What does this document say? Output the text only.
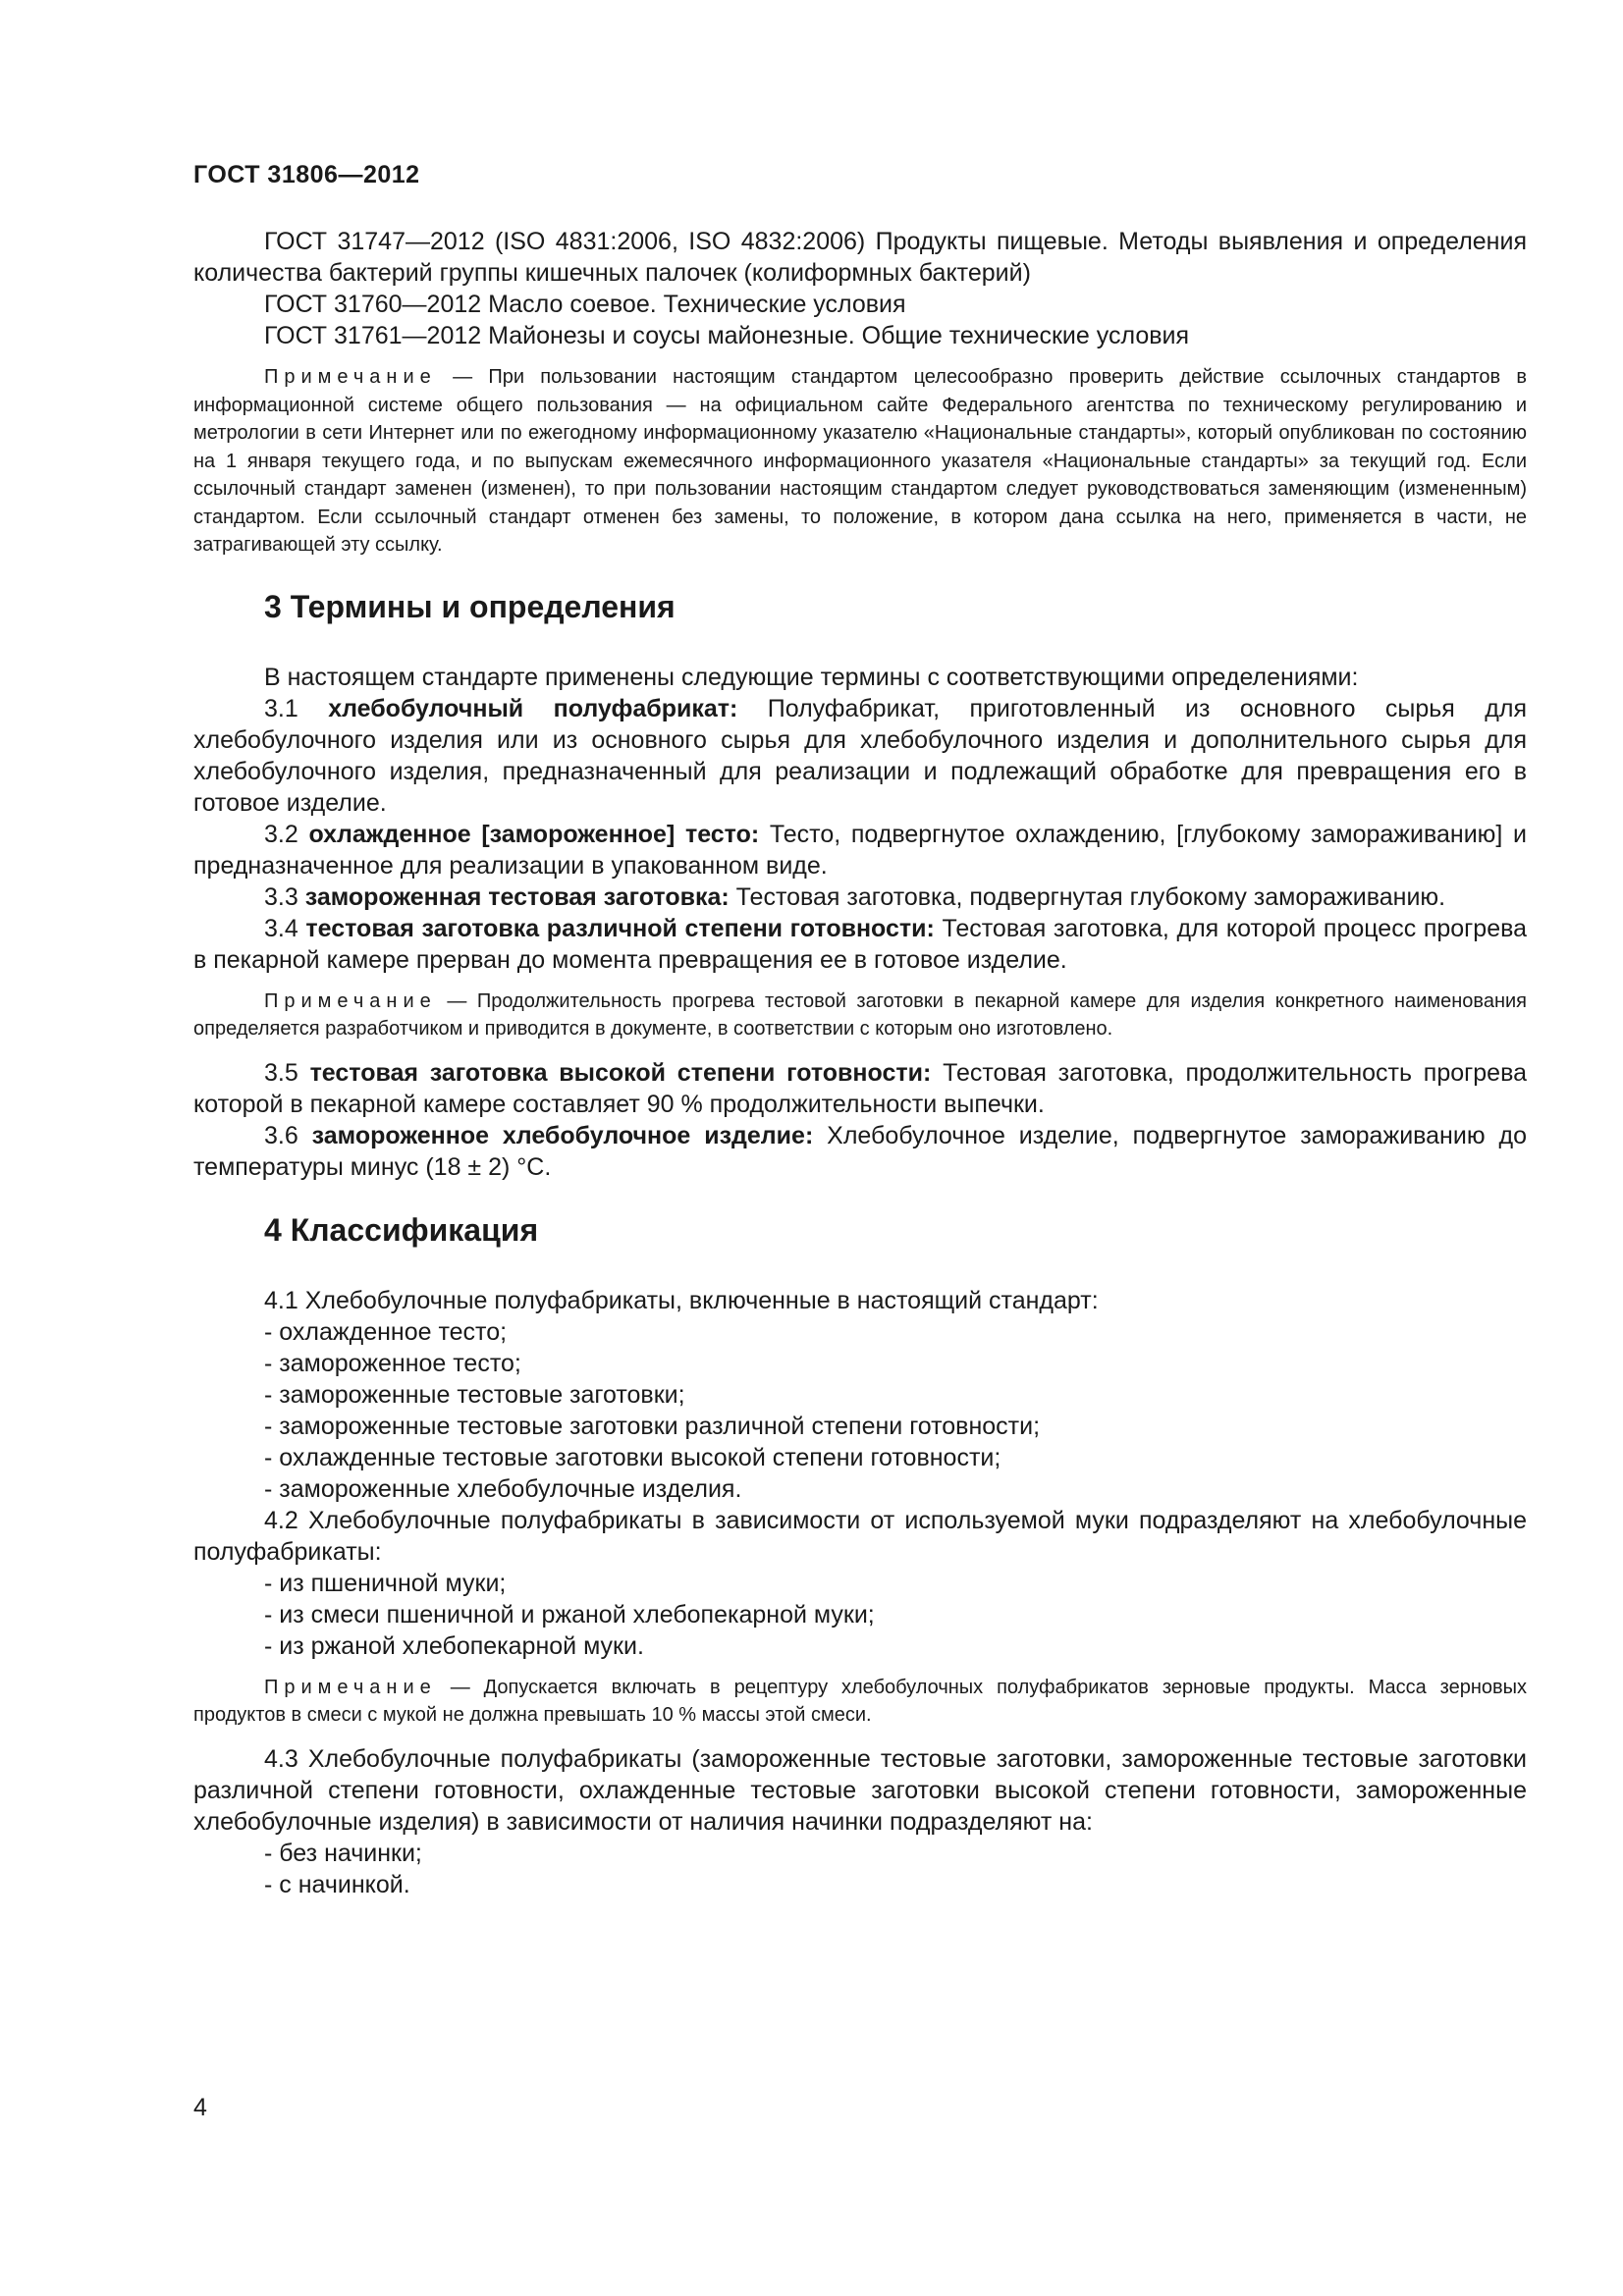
ГОСТ 31806—2012

ГОСТ 31747—2012 (ISO 4831:2006, ISO 4832:2006) Продукты пищевые. Методы выявления и определения количества бактерий группы кишечных палочек (колиформных бактерий)

ГОСТ 31760—2012 Масло соевое. Технические условия

ГОСТ 31761—2012 Майонезы и соусы майонезные. Общие технические условия

Примечание — При пользовании настоящим стандартом целесообразно проверить действие ссылочных стандартов в информационной системе общего пользования — на официальном сайте Федерального агентства по техническому регулированию и метрологии в сети Интернет или по ежегодному информационному указателю «Национальные стандарты», который опубликован по состоянию на 1 января текущего года, и по выпускам ежемесячного информационного указателя «Национальные стандарты» за текущий год. Если ссылочный стандарт заменен (изменен), то при пользовании настоящим стандартом следует руководствоваться заменяющим (измененным) стандартом. Если ссылочный стандарт отменен без замены, то положение, в котором дана ссылка на него, применяется в части, не затрагивающей эту ссылку.

3 Термины и определения

В настоящем стандарте применены следующие термины с соответствующими определениями:

3.1 хлебобулочный полуфабрикат: Полуфабрикат, приготовленный из основного сырья для хлебобулочного изделия или из основного сырья для хлебобулочного изделия и дополнительного сырья для хлебобулочного изделия, предназначенный для реализации и подлежащий обработке для превращения его в готовое изделие.

3.2 охлажденное [замороженное] тесто: Тесто, подвергнутое охлаждению, [глубокому замораживанию] и предназначенное для реализации в упакованном виде.

3.3 замороженная тестовая заготовка: Тестовая заготовка, подвергнутая глубокому замораживанию.

3.4 тестовая заготовка различной степени готовности: Тестовая заготовка, для которой процесс прогрева в пекарной камере прерван до момента превращения ее в готовое изделие.

Примечание — Продолжительность прогрева тестовой заготовки в пекарной камере для изделия конкретного наименования определяется разработчиком и приводится в документе, в соответствии с которым оно изготовлено.

3.5 тестовая заготовка высокой степени готовности: Тестовая заготовка, продолжительность прогрева которой в пекарной камере составляет 90 % продолжительности выпечки.

3.6 замороженное хлебобулочное изделие: Хлебобулочное изделие, подвергнутое замораживанию до температуры минус (18 ± 2) °С.

4 Классификация

4.1 Хлебобулочные полуфабрикаты, включенные в настоящий стандарт:

- охлажденное тесто;

- замороженное тесто;

- замороженные тестовые заготовки;

- замороженные тестовые заготовки различной степени готовности;

- охлажденные тестовые заготовки высокой степени готовности;

- замороженные хлебобулочные изделия.

4.2 Хлебобулочные полуфабрикаты в зависимости от используемой муки подразделяют на хлебобулочные полуфабрикаты:

- из пшеничной муки;

- из смеси пшеничной и ржаной хлебопекарной муки;

- из ржаной хлебопекарной муки.

Примечание — Допускается включать в рецептуру хлебобулочных полуфабрикатов зерновые продукты. Масса зерновых продуктов в смеси с мукой не должна превышать 10 % массы этой смеси.

4.3 Хлебобулочные полуфабрикаты (замороженные тестовые заготовки, замороженные тестовые заготовки различной степени готовности, охлажденные тестовые заготовки высокой степени готовности, замороженные хлебобулочные изделия) в зависимости от наличия начинки подразделяют на:

- без начинки;

- с начинкой.

4
